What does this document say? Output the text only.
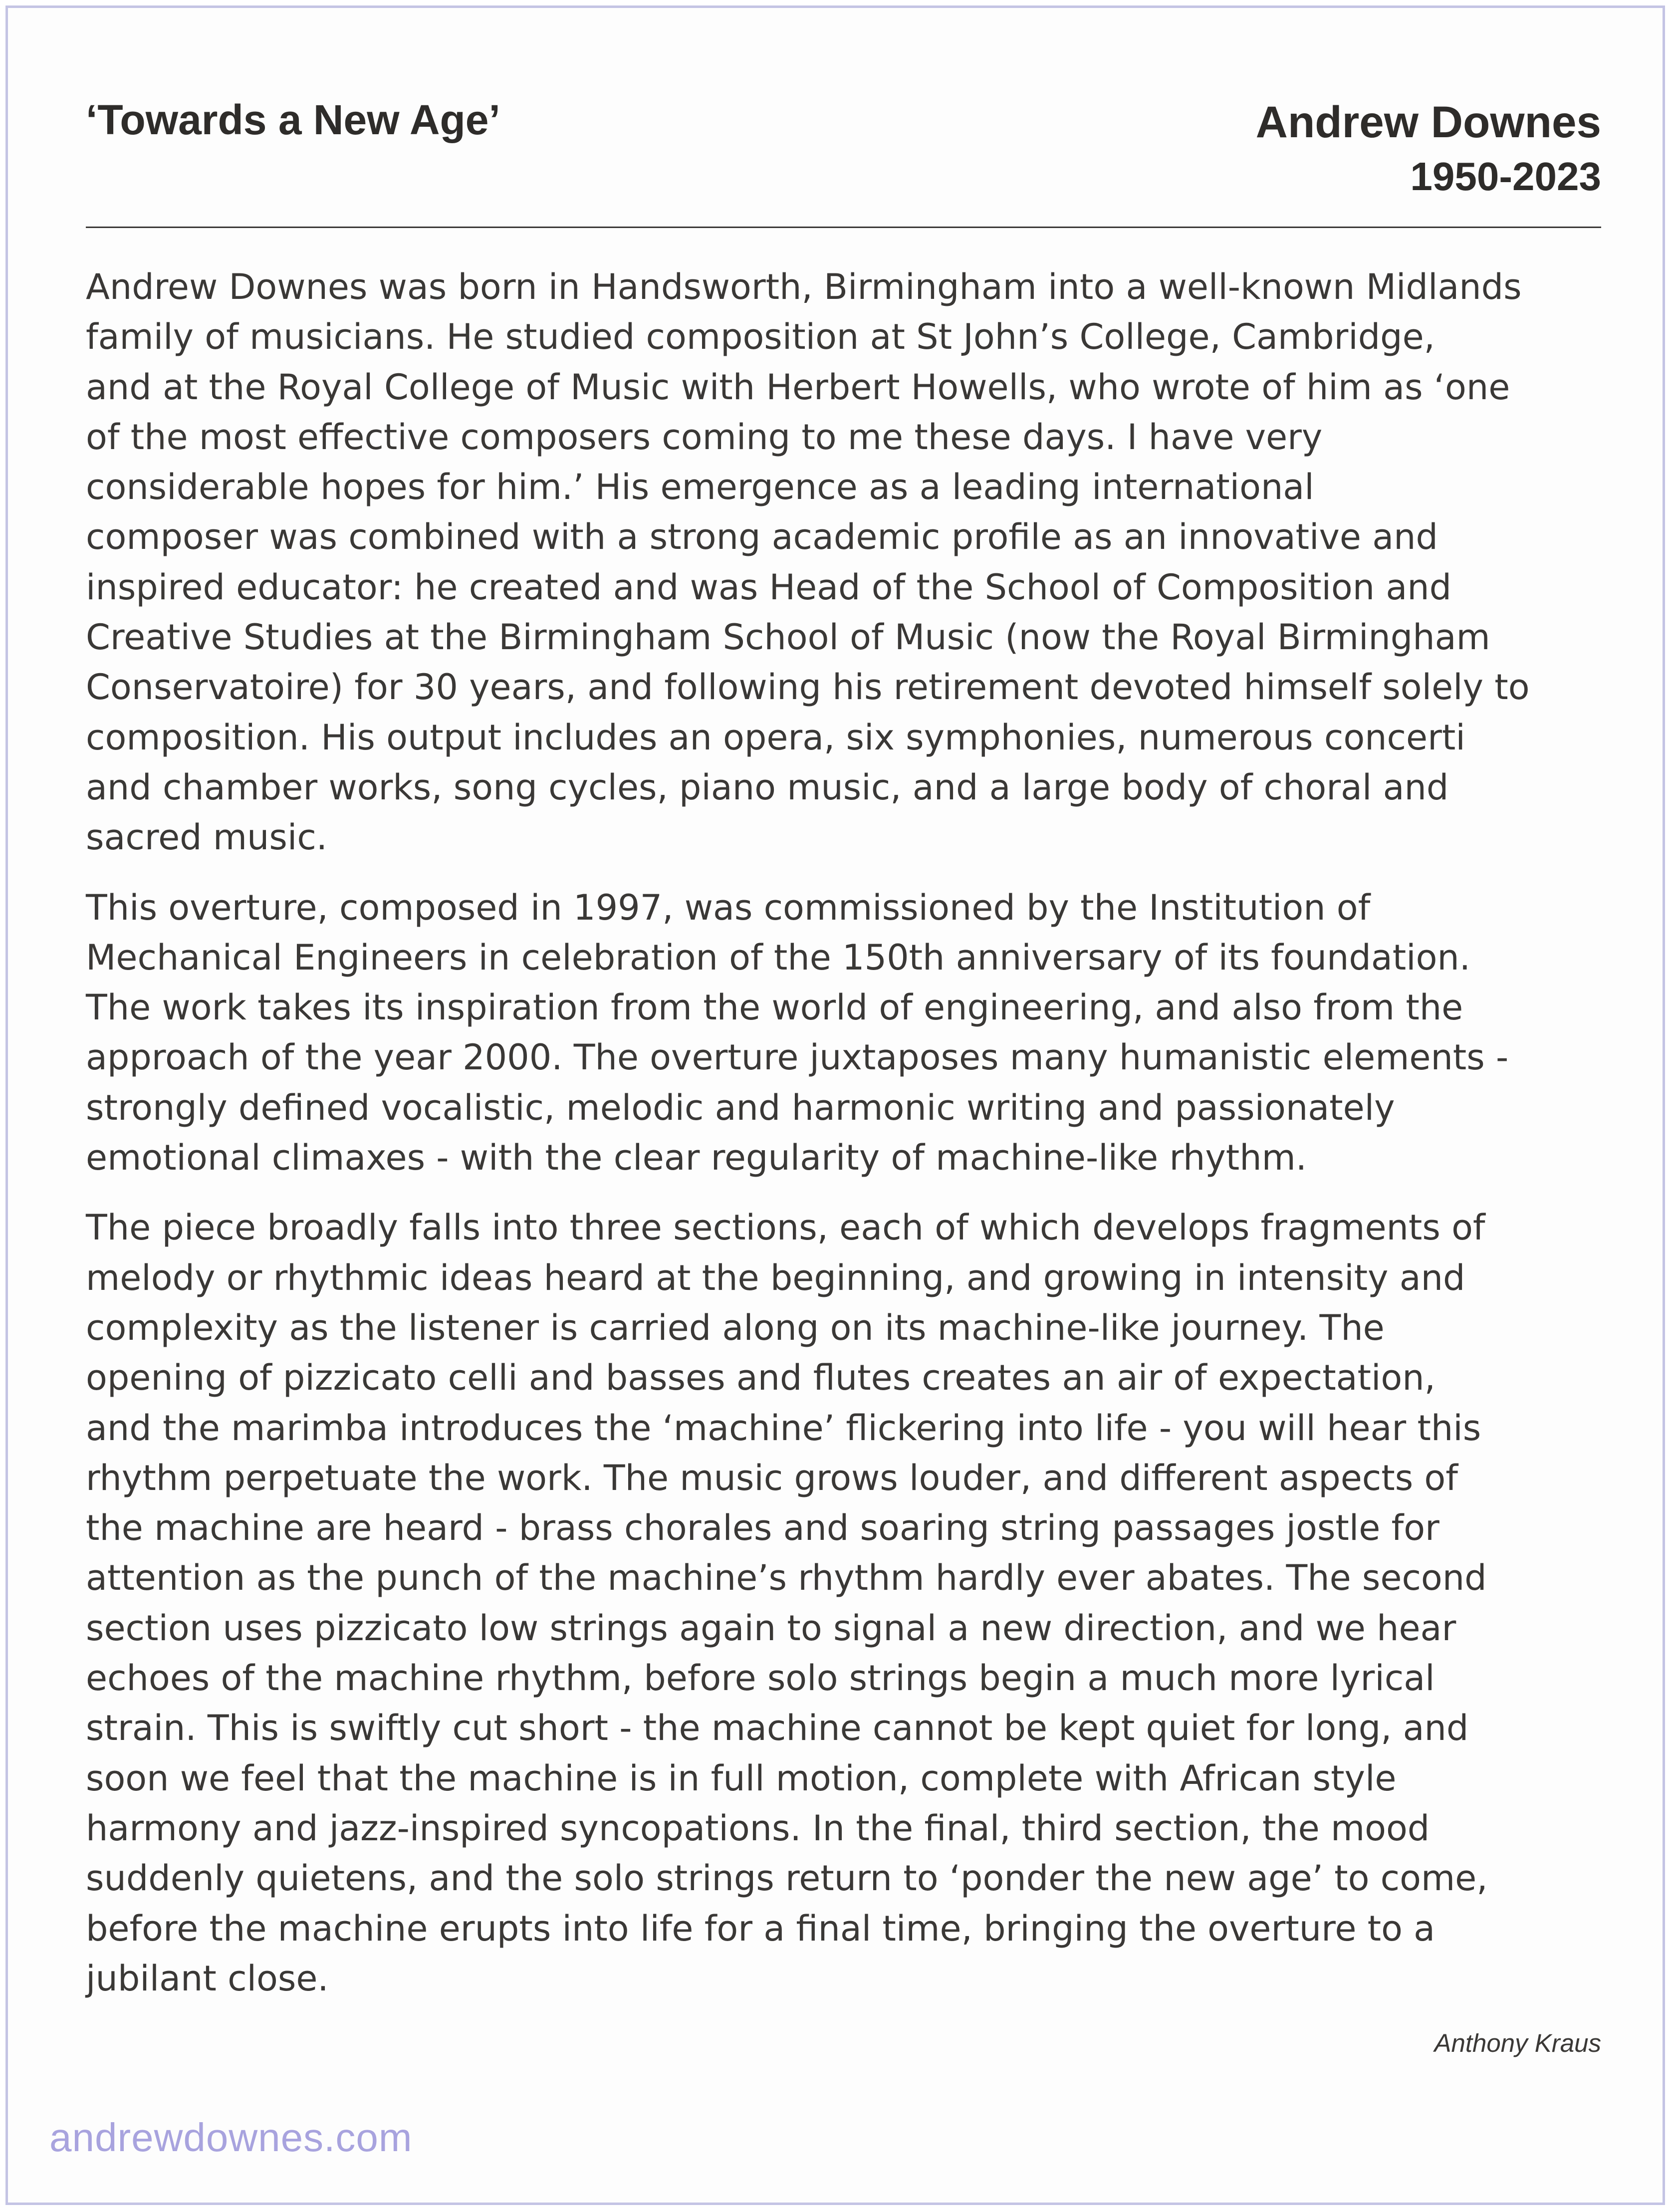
‘Towards a New Age’	Andrew Downes
1950-2023

Andrew Downes was born in Handsworth, Birmingham into a well-known Midlands
family of musicians. He studied composition at St John’s College, Cambridge,
and at the Royal College of Music with Herbert Howells, who wrote of him as ‘one
of the most effective composers coming to me these days. I have very
considerable hopes for him.’ His emergence as a leading international
composer was combined with a strong academic profile as an innovative and
inspired educator: he created and was Head of the School of Composition and
Creative Studies at the Birmingham School of Music (now the Royal Birmingham
Conservatoire) for 30 years, and following his retirement devoted himself solely to
composition. His output includes an opera, six symphonies, numerous concerti
and chamber works, song cycles, piano music, and a large body of choral and
sacred music.

This overture, composed in 1997, was commissioned by the Institution of
Mechanical Engineers in celebration of the 150th anniversary of its foundation.
The work takes its inspiration from the world of engineering, and also from the
approach of the year 2000. The overture juxtaposes many humanistic elements -
strongly defined vocalistic, melodic and harmonic writing and passionately
emotional climaxes - with the clear regularity of machine-like rhythm.

The piece broadly falls into three sections, each of which develops fragments of
melody or rhythmic ideas heard at the beginning, and growing in intensity and
complexity as the listener is carried along on its machine-like journey. The
opening of pizzicato celli and basses and flutes creates an air of expectation,
and the marimba introduces the ‘machine’ flickering into life - you will hear this
rhythm perpetuate the work. The music grows louder, and different aspects of
the machine are heard - brass chorales and soaring string passages jostle for
attention as the punch of the machine’s rhythm hardly ever abates. The second
section uses pizzicato low strings again to signal a new direction, and we hear
echoes of the machine rhythm, before solo strings begin a much more lyrical
strain. This is swiftly cut short - the machine cannot be kept quiet for long, and
soon we feel that the machine is in full motion, complete with African style
harmony and jazz-inspired syncopations. In the final, third section, the mood
suddenly quietens, and the solo strings return to ‘ponder the new age’ to come,
before the machine erupts into life for a final time, bringing the overture to a
jubilant close.

Anthony Kraus
andrewdownes.com
